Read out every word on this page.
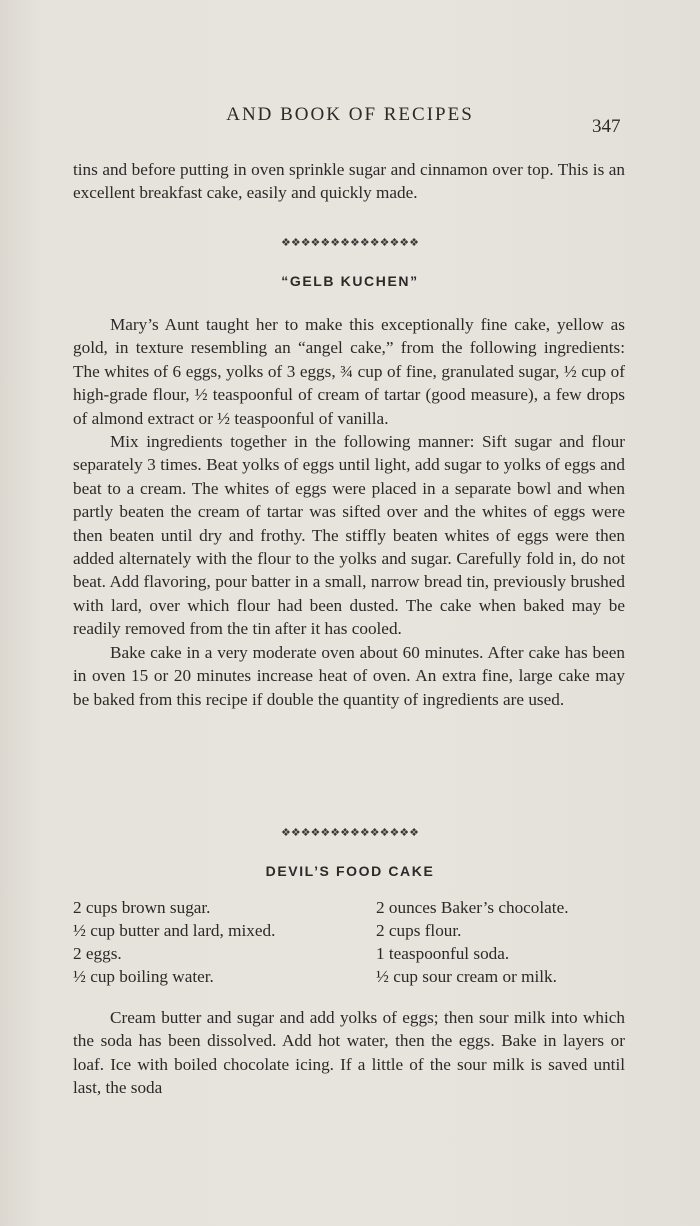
AND BOOK OF RECIPES
347

tins and before putting in oven sprinkle sugar and cinnamon over top. This is an excellent breakfast cake, easily and quickly made.

❖❖❖❖❖❖❖❖❖❖❖❖❖❖
“GELB KUCHEN”

Mary’s Aunt taught her to make this exceptionally fine cake, yellow as gold, in texture resembling an “angel cake,” from the following ingredients: The whites of 6 eggs, yolks of 3 eggs, ¾ cup of fine, granulated sugar, ½ cup of high-grade flour, ½ teaspoonful of cream of tartar (good measure), a few drops of almond extract or ½ teaspoonful of vanilla.

Mix ingredients together in the following manner: Sift sugar and flour separately 3 times. Beat yolks of eggs until light, add sugar to yolks of eggs and beat to a cream. The whites of eggs were placed in a separate bowl and when partly beaten the cream of tartar was sifted over and the whites of eggs were then beaten until dry and frothy. The stiffly beaten whites of eggs were then added alternately with the flour to the yolks and sugar. Carefully fold in, do not beat. Add flavoring, pour batter in a small, narrow bread tin, previously brushed with lard, over which flour had been dusted. The cake when baked may be readily removed from the tin after it has cooled.

Bake cake in a very moderate oven about 60 minutes. After cake has been in oven 15 or 20 minutes increase heat of oven. An extra fine, large cake may be baked from this recipe if double the quantity of ingredients are used.

❖❖❖❖❖❖❖❖❖❖❖❖❖❖
DEVIL’S FOOD CAKE
2 cups brown sugar.
½ cup butter and lard, mixed.
2 eggs.
½ cup boiling water.
2 ounces Baker’s chocolate.
2 cups flour.
1 teaspoonful soda.
½ cup sour cream or milk.

Cream butter and sugar and add yolks of eggs; then sour milk into which the soda has been dissolved. Add hot water, then the eggs. Bake in layers or loaf. Ice with boiled chocolate icing. If a little of the sour milk is saved until last, the soda
